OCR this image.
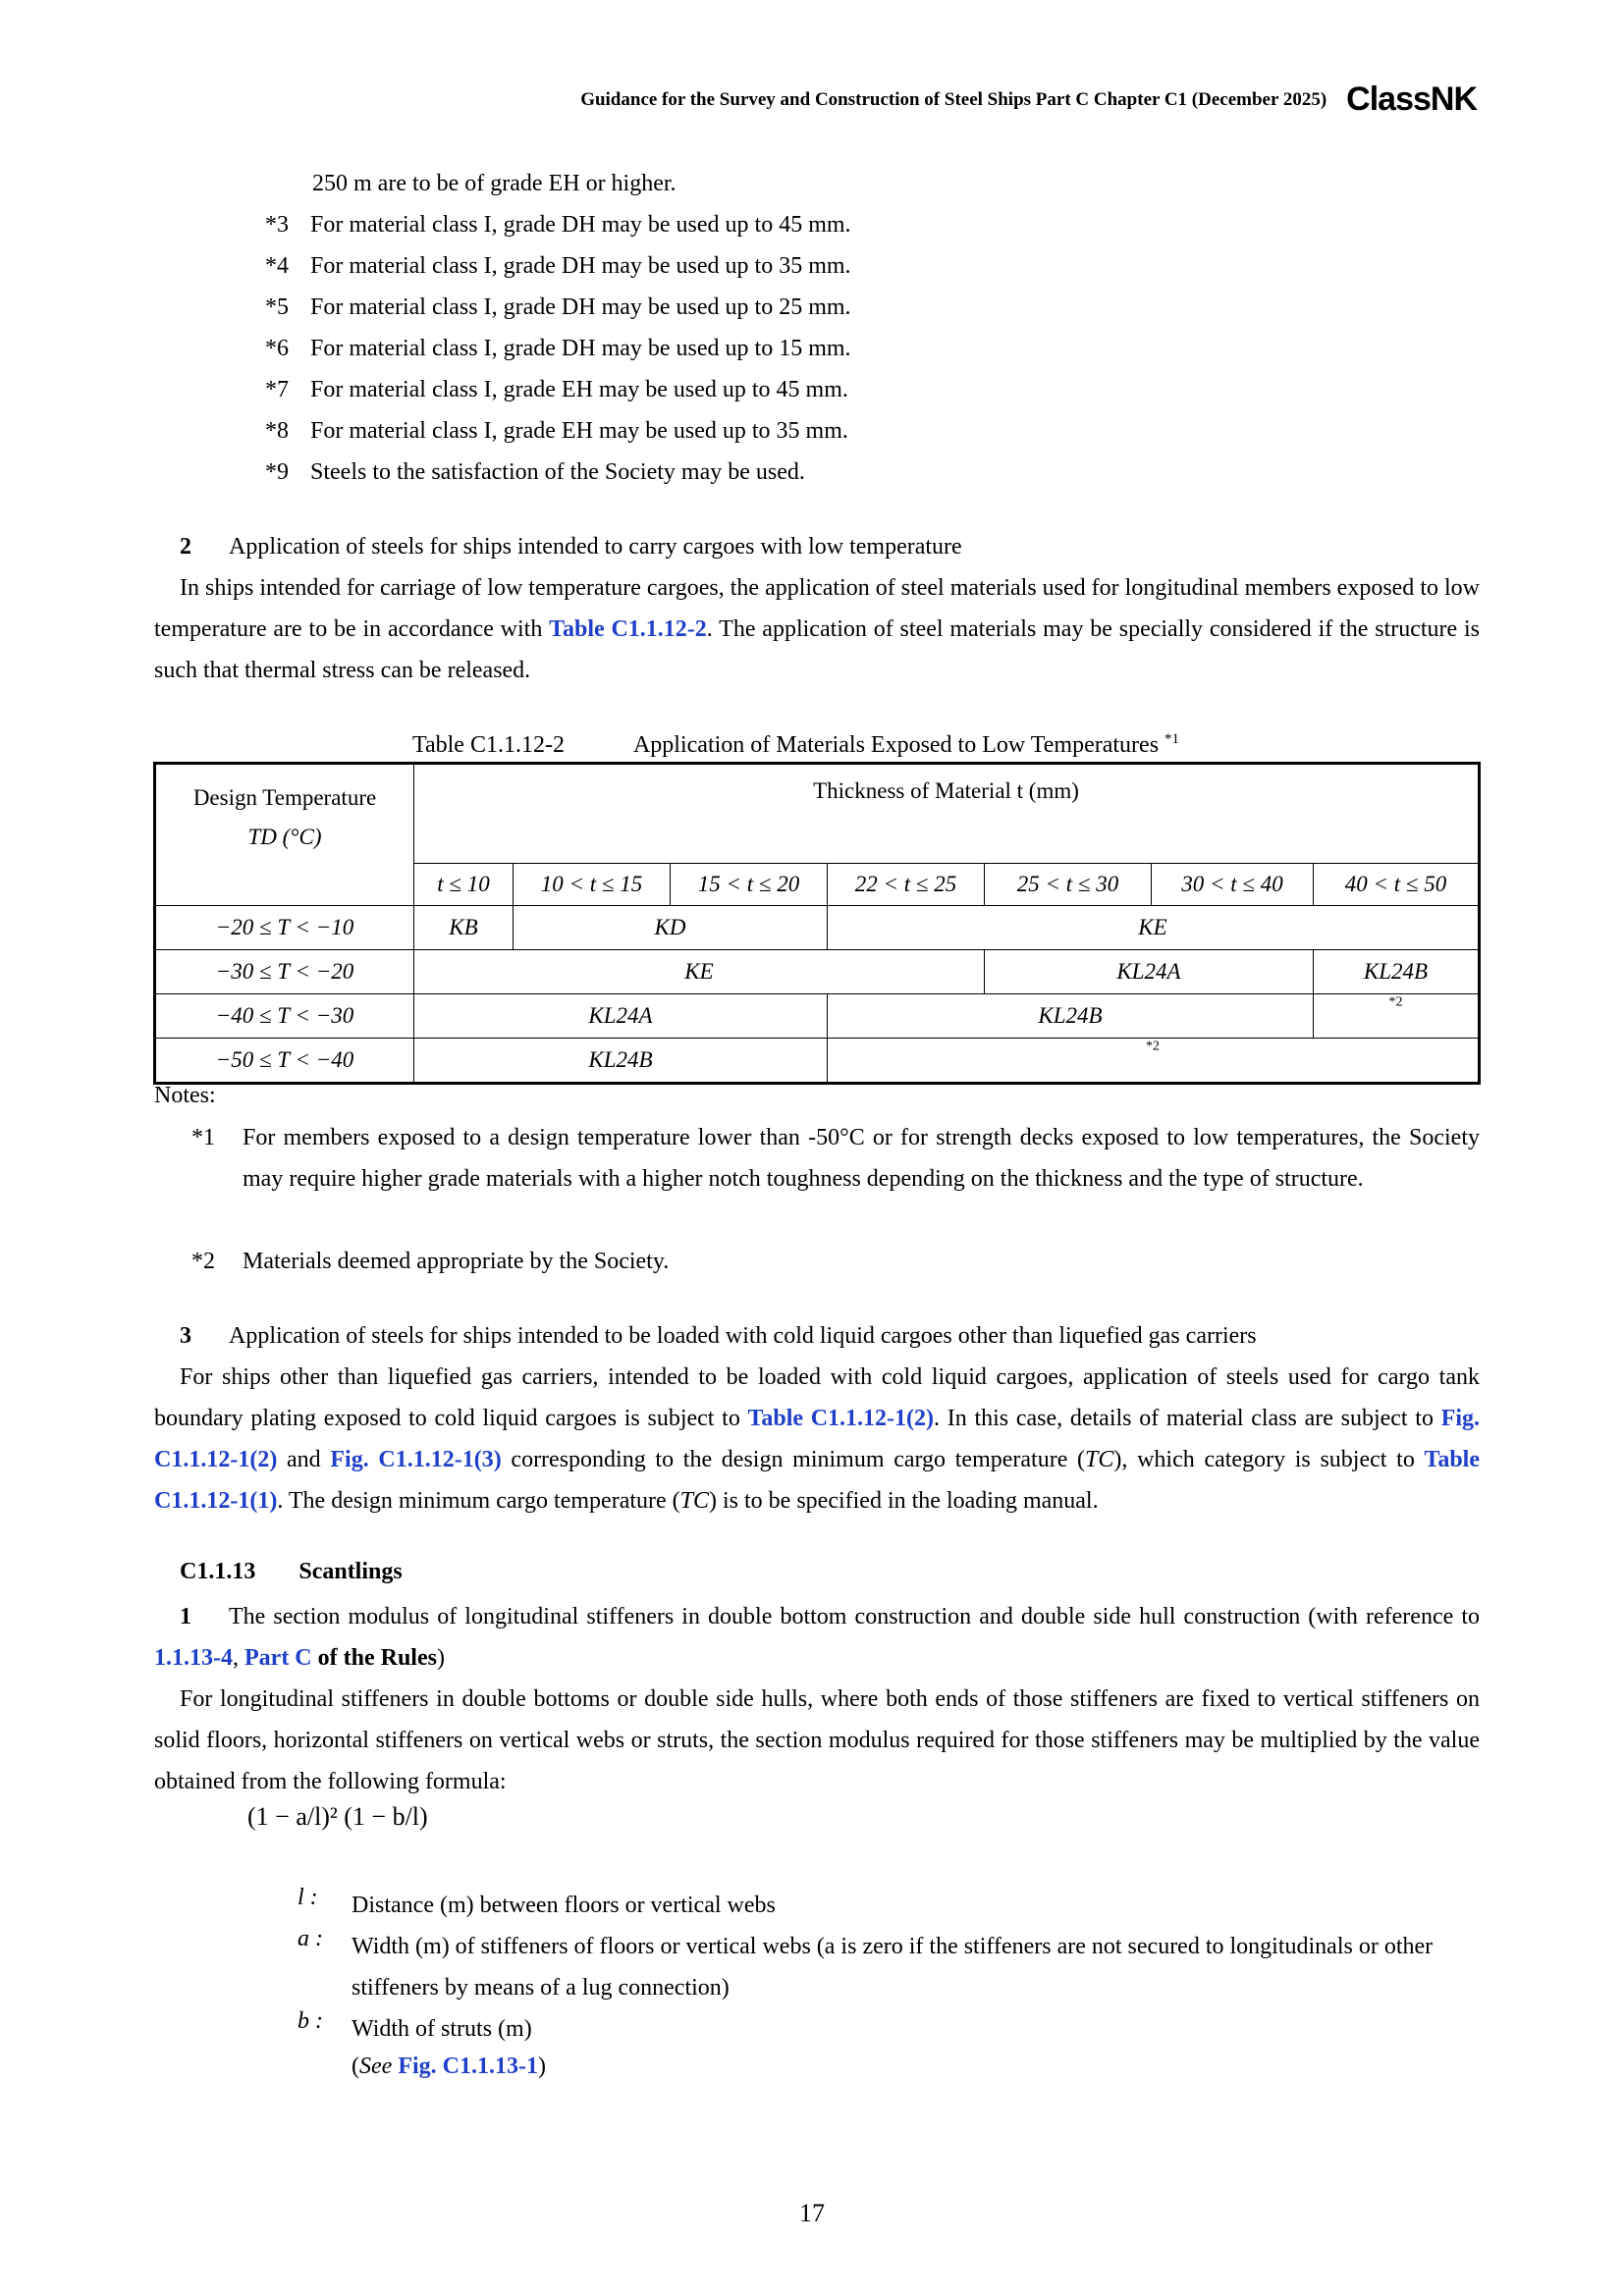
Guidance for the Survey and Construction of Steel Ships Part C Chapter C1 (December 2025) ClassNK
250 m are to be of grade EH or higher.
*3 For material class I, grade DH may be used up to 45 mm.
*4 For material class I, grade DH may be used up to 35 mm.
*5 For material class I, grade DH may be used up to 25 mm.
*6 For material class I, grade DH may be used up to 15 mm.
*7 For material class I, grade EH may be used up to 45 mm.
*8 For material class I, grade EH may be used up to 35 mm.
*9 Steels to the satisfaction of the Society may be used.
2 Application of steels for ships intended to carry cargoes with low temperature
In ships intended for carriage of low temperature cargoes, the application of steel materials used for longitudinal members exposed to low temperature are to be in accordance with Table C1.1.12-2. The application of steel materials may be specially considered if the structure is such that thermal stress can be released.
Table C1.1.12-2	Application of Materials Exposed to Low Temperatures $^{*1}$
Design Temperature
TD (°C)	Thickness of Material t (mm)						
	t ≤ 10	10 < t ≤ 15	15 < t ≤ 20	22 < t ≤ 25	25 < t ≤ 30	30 < t ≤ 40	40 < t ≤ 50
−20 ≤ T < −10	KB	KD		KE			
−30 ≤ T < −20	KE				KL24A		KL24B
−40 ≤ T < −30	KL24A			KL24B			$^{*2}$
−50 ≤ T < −40	KL24B			$^{*2}$
Notes:
*1 For members exposed to a design temperature lower than -50°C or for strength decks exposed to low temperatures, the Society may require higher grade materials with a higher notch toughness depending on the thickness and the type of structure.
*2 Materials deemed appropriate by the Society.
3 Application of steels for ships intended to be loaded with cold liquid cargoes other than liquefied gas carriers
For ships other than liquefied gas carriers, intended to be loaded with cold liquid cargoes, application of steels used for cargo tank boundary plating exposed to cold liquid cargoes is subject to Table C1.1.12-1(2). In this case, details of material class are subject to Fig. C1.1.12-1(2) and Fig. C1.1.12-1(3) corresponding to the design minimum cargo temperature (TC), which category is subject to Table C1.1.12-1(1). The design minimum cargo temperature (TC) is to be specified in the loading manual.
C1.1.13 Scantlings
1 The section modulus of longitudinal stiffeners in double bottom construction and double side hull construction (with reference to 1.1.13-4, Part C of the Rules)
For longitudinal stiffeners in double bottoms or double side hulls, where both ends of those stiffeners are fixed to vertical stiffeners on solid floors, horizontal stiffeners on vertical webs or struts, the section modulus required for those stiffeners may be multiplied by the value obtained from the following formula:
(1 − a/l)² (1 − b/l)
l : Distance (m) between floors or vertical webs
a : Width (m) of stiffeners of floors or vertical webs (a is zero if the stiffeners are not secured to longitudinals or other stiffeners by means of a lug connection)
b : Width of struts (m)
(See Fig. C1.1.13-1)
17
